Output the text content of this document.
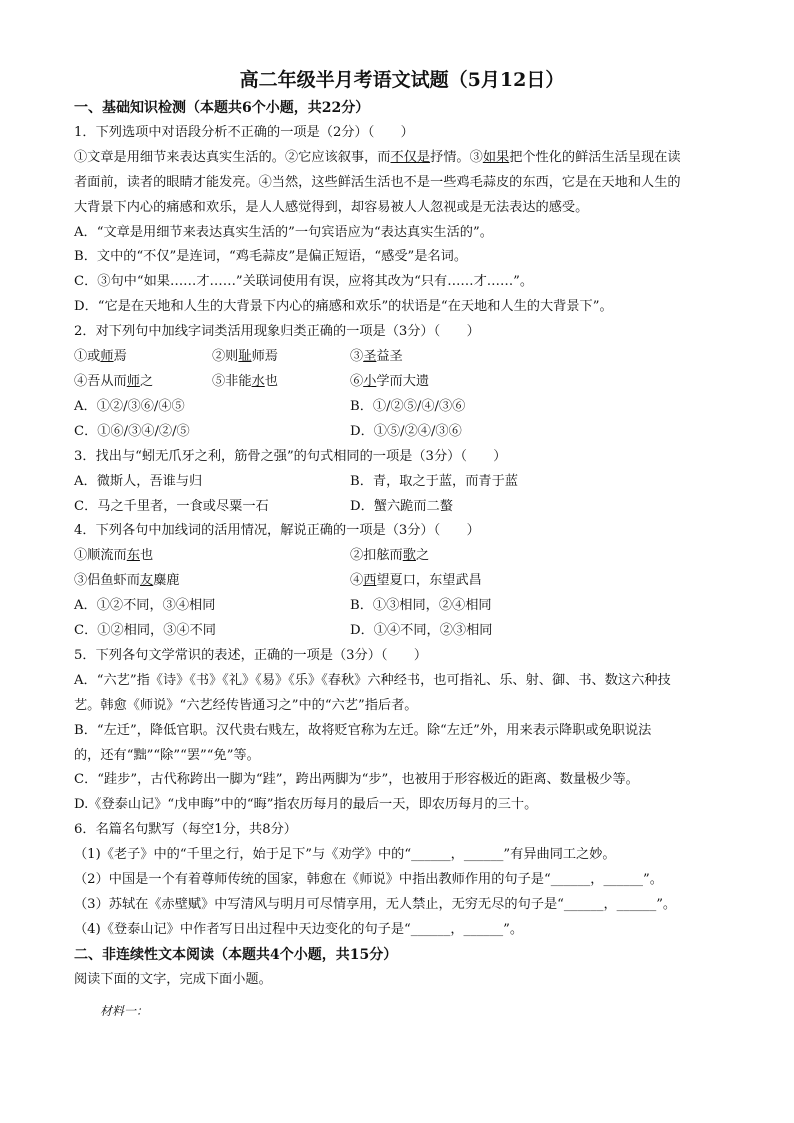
高二年级半月考语文试题（5月12日）
一、基础知识检测（本题共6个小题，共22分）
1．下列选项中对语段分析不正确的一项是（2分）（　　）
①文章是用细节来表达真实生活的。②它应该叙事，而不仅是抒情。③如果把个性化的鲜活生活呈现在读
者面前，读者的眼睛才能发亮。④当然，这些鲜活生活也不是一些鸡毛蒜皮的东西，它是在天地和人生的
大背景下内心的痛感和欢乐，是人人感觉得到，却容易被人人忽视或是无法表达的感受。
A．“文章是用细节来表达真实生活的”一句宾语应为“表达真实生活的”。
B．文中的“不仅”是连词，“鸡毛蒜皮”是偏正短语，“感受”是名词。
C．③句中“如果……才……”关联词使用有误，应将其改为“只有……才……”。
D．“它是在天地和人生的大背景下内心的痛感和欢乐”的状语是“在天地和人生的大背景下”。
2．对下列句中加线字词类活用现象归类正确的一项是（3分）（　　）
①或师焉	②则耻师焉	③圣益圣
④吾从而师之	⑤非能水也	⑥小学而大遗
A．①②/③⑥/④⑤	B．①/②⑤/④/③⑥
C．①⑥/③④/②/⑤	D．①⑤/②④/③⑥
3．找出与“蚓无爪牙之利，筋骨之强”的句式相同的一项是（3分）（　　）
A．微斯人，吾谁与归	B．青，取之于蓝，而青于蓝
C．马之千里者，一食或尽粟一石	D．蟹六跪而二螯
4．下列各句中加线词的活用情况，解说正确的一项是（3分）（　　）
①顺流而东也	②扣舷而歌之
③侣鱼虾而友麋鹿	④西望夏口，东望武昌
A．①②不同，③④相同	B．①③相同，②④相同
C．①②相同，③④不同	D．①④不同，②③相同
5．下列各句文学常识的表述，正确的一项是（3分）（　　）
A．“六艺”指《诗》《书》《礼》《易》《乐》《春秋》六种经书，也可指礼、乐、射、御、书、数这六种技
艺。韩愈《师说》“六艺经传皆通习之”中的“六艺”指后者。
B．“左迁”，降低官职。汉代贵右贱左，故将贬官称为左迁。除“左迁”外，用来表示降职或免职说法
的，还有“黜”“除”“罢”“免”等。
C．“跬步”，古代称跨出一脚为“跬”，跨出两脚为“步”，也被用于形容极近的距离、数量极少等。
D.《登泰山记》“戊申晦”中的“晦”指农历每月的最后一天，即农历每月的三十。
6．名篇名句默写（每空1分，共8分）
（1)《老子》中的“千里之行，始于足下”与《劝学》中的“______，______”有异曲同工之妙。
（2）中国是一个有着尊师传统的国家，韩愈在《师说》中指出教师作用的句子是“______，______”。
（3）苏轼在《赤壁赋》中写清风与明月可尽情享用，无人禁止，无穷无尽的句子是“______，______”。
（4)《登泰山记》中作者写日出过程中天边变化的句子是“______，______”。
二、非连续性文本阅读（本题共4个小题，共15分）
阅读下面的文字，完成下面小题。
材料一：
